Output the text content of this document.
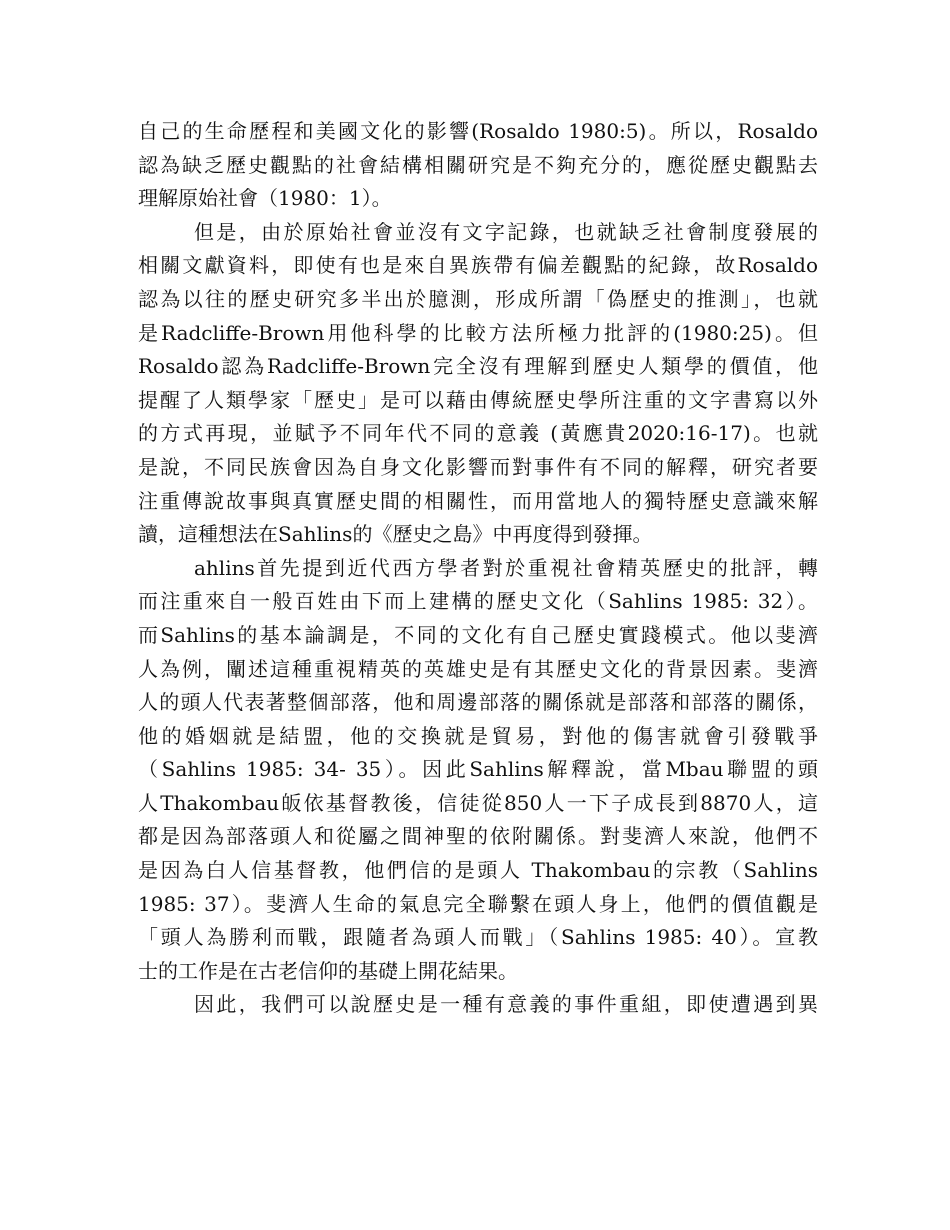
自己的生命歷程和美國文化的影響(Rosaldo 1980:5)。所以，Rosaldo
認為缺乏歷史觀點的社會結構相關研究是不夠充分的，應從歷史觀點去
理解原始社會（1980：1）。

但是，由於原始社會並沒有文字記錄，也就缺乏社會制度發展的
相關文獻資料，即使有也是來自異族帶有偏差觀點的紀錄，故Rosaldo
認為以往的歷史研究多半出於臆測，形成所謂「偽歷史的推測」，也就
是Radcliffe-Brown用他科學的比較方法所極力批評的(1980:25)。但
Rosaldo認為Radcliffe-Brown完全沒有理解到歷史人類學的價值，他
提醒了人類學家「歷史」是可以藉由傳統歷史學所注重的文字書寫以外
的方式再現，並賦予不同年代不同的意義 (黃應貴2020:16-17)。也就
是說，不同民族會因為自身文化影響而對事件有不同的解釋，研究者要
注重傳說故事與真實歷史間的相關性，而用當地人的獨特歷史意識來解
讀，這種想法在Sahlins的《歷史之島》中再度得到發揮。

ahlins首先提到近代西方學者對於重視社會精英歷史的批評，轉
而注重來自一般百姓由下而上建構的歷史文化（Sahlins 1985: 32）。
而Sahlins的基本論調是，不同的文化有自己歷史實踐模式。他以斐濟
人為例，闡述這種重視精英的英雄史是有其歷史文化的背景因素。斐濟
人的頭人代表著整個部落，他和周邊部落的關係就是部落和部落的關係，
他的婚姻就是結盟，他的交換就是貿易，對他的傷害就會引發戰爭
（Sahlins 1985: 34- 35）。因此Sahlins解釋說，當Mbau聯盟的頭
人Thakombau皈依基督教後，信徒從850人一下子成長到8870人，這
都是因為部落頭人和從屬之間神聖的依附關係。對斐濟人來說，他們不
是因為白人信基督教，他們信的是頭人 Thakombau的宗教（Sahlins
1985: 37）。斐濟人生命的氣息完全聯繫在頭人身上，他們的價值觀是
「頭人為勝利而戰，跟隨者為頭人而戰」（Sahlins 1985: 40）。宣教
士的工作是在古老信仰的基礎上開花結果。

因此，我們可以說歷史是一種有意義的事件重組，即使遭遇到異
